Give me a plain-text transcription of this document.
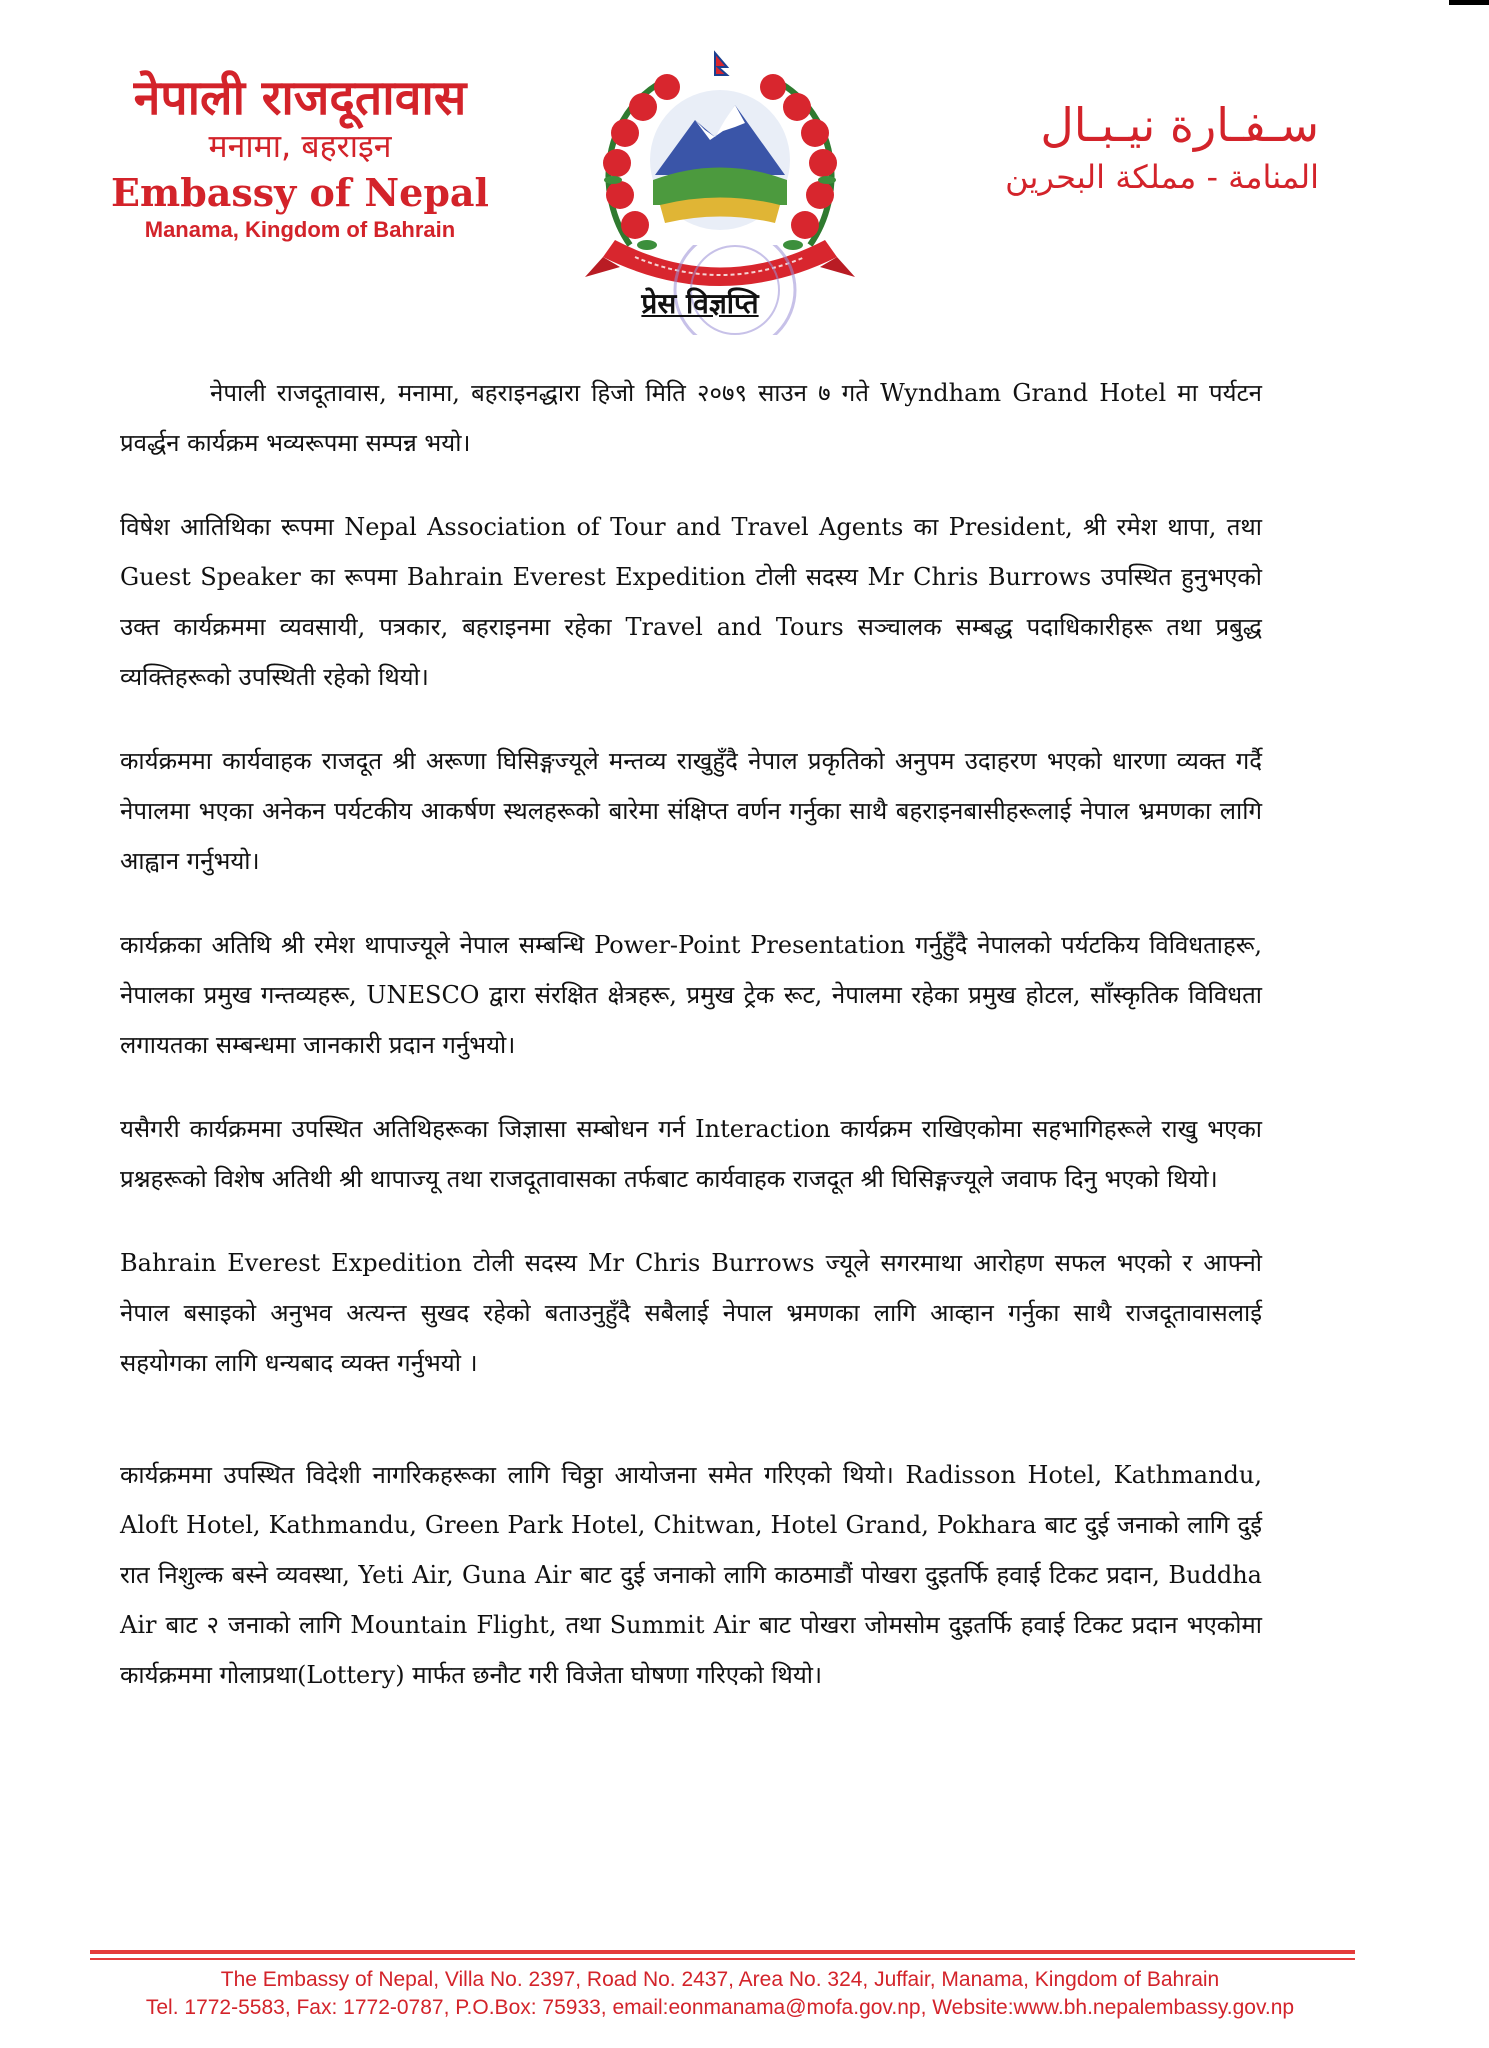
नेपाली राजदूतावास
मनामा, बहराइन
Embassy of Nepal
Manama, Kingdom of Bahrain
سـفـارة نيـبـال
المنامة - مملكة البحرين
प्रेस विज्ञप्ति

नेपाली राजदूतावास, मनामा, बहराइनद्धारा हिजो मिति २०७९ साउन ७ गते Wyndham Grand Hotel मा पर्यटन प्रवर्द्धन कार्यक्रम भव्यरूपमा सम्पन्न भयो।

विषेश आतिथिका रूपमा Nepal Association of Tour and Travel Agents का President, श्री रमेश थापा, तथा Guest Speaker का रूपमा Bahrain Everest Expedition टोली सदस्य Mr Chris Burrows उपस्थित हुनुभएको उक्त कार्यक्रममा व्यवसायी, पत्रकार, बहराइनमा रहेका Travel and Tours सञ्चालक सम्बद्ध पदाधिकारीहरू तथा प्रबुद्ध व्यक्तिहरूको उपस्थिती रहेको थियो।

कार्यक्रममा कार्यवाहक राजदूत श्री अरूणा घिसिङ्गज्यूले मन्तव्य राखुहुँदै नेपाल प्रकृतिको अनुपम उदाहरण भएको धारणा व्यक्त गर्दै नेपालमा भएका अनेकन पर्यटकीय आकर्षण स्थलहरूको बारेमा संक्षिप्त वर्णन गर्नुका साथै बहराइनबासीहरूलाई नेपाल भ्रमणका लागि आह्वान गर्नुभयो।

कार्यक्रका अतिथि श्री रमेश थापाज्यूले नेपाल सम्बन्धि Power-Point Presentation गर्नुहुँदै नेपालको पर्यटकिय विविधताहरू, नेपालका प्रमुख गन्तव्यहरू, UNESCO द्वारा संरक्षित क्षेत्रहरू, प्रमुख ट्रेक रूट, नेपालमा रहेका प्रमुख होटल, साँस्कृतिक विविधता लगायतका सम्बन्धमा जानकारी प्रदान गर्नुभयो।

यसैगरी कार्यक्रममा उपस्थित अतिथिहरूका जिज्ञासा सम्बोधन गर्न Interaction कार्यक्रम राखिएकोमा सहभागिहरूले राखु भएका प्रश्नहरूको विशेष अतिथी श्री थापाज्यू तथा राजदूतावासका तर्फबाट कार्यवाहक राजदूत श्री घिसिङ्गज्यूले जवाफ दिनु भएको थियो।

Bahrain Everest Expedition टोली सदस्य Mr Chris Burrows ज्यूले सगरमाथा आरोहण सफल भएको र आफ्नो नेपाल बसाइको अनुभव अत्यन्त सुखद रहेको बताउनुहुँदै सबैलाई नेपाल भ्रमणका लागि आव्हान गर्नुका साथै राजदूतावासलाई सहयोगका लागि धन्यबाद व्यक्त गर्नुभयो ।

कार्यक्रममा उपस्थित विदेशी नागरिकहरूका लागि चिठ्ठा आयोजना समेत गरिएको थियो। Radisson Hotel, Kathmandu, Aloft Hotel, Kathmandu, Green Park Hotel, Chitwan, Hotel Grand, Pokhara बाट दुई जनाको लागि दुई रात निशुल्क बस्ने व्यवस्था, Yeti Air, Guna Air बाट दुई जनाको लागि काठमाडौं पोखरा दुइतर्फि हवाई टिकट प्रदान, Buddha Air बाट २ जनाको लागि Mountain Flight, तथा Summit Air बाट पोखरा जोमसोम दुइतर्फि हवाई टिकट प्रदान भएकोमा कार्यक्रममा गोलाप्रथा(Lottery) मार्फत छनौट गरी विजेता घोषणा गरिएको थियो।

The Embassy of Nepal, Villa No. 2397, Road No. 2437, Area No. 324, Juffair, Manama, Kingdom of Bahrain
Tel. 1772-5583, Fax: 1772-0787, P.O.Box: 75933, email:eonmanama@mofa.gov.np, Website:www.bh.nepalembassy.gov.np
